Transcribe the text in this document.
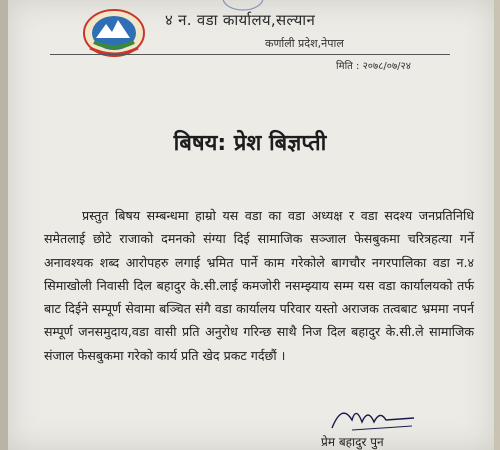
४ न. वडा कार्यालय,सल्यान
कर्णाली प्रदेश,नेपाल
मिति : २०७८/०७/२४
बिषय: प्रेश बिज्ञप्ती
प्रस्तुत बिषय सम्बन्धमा हाम्रो यस वडा का वडा अध्यक्ष र वडा सदश्य जनप्रतिनिधि समेतलाई छोटे राजाको दमनको संग्या दिई सामाजिक सञ्जाल फेसबुकमा चरित्रहत्या गर्ने अनावश्यक शब्द आरोपहरु लगाई भ्रमित पार्ने काम गरेकोले बागचौर नगरपालिका वडा न.४ सिमाखोली निवासी दिल बहादुर के.सी.लाई कमजोरी नसम्झ्याय सम्म यस वडा कार्यालयको तर्फ बाट दिईने सम्पूर्ण सेवामा बञ्चित संगै वडा कार्यालय परिवार यस्तो अराजक तत्वबाट भ्रममा नपर्न सम्पूर्ण जनसमुदाय,वडा वासी प्रति अनुरोध गरिन्छ साथै निज दिल बहादुर के.सी.ले सामाजिक संजाल फेसबुकमा गरेको कार्य प्रति खेद प्रकट गर्दछौं ।
प्रेम बहादुर पुन
